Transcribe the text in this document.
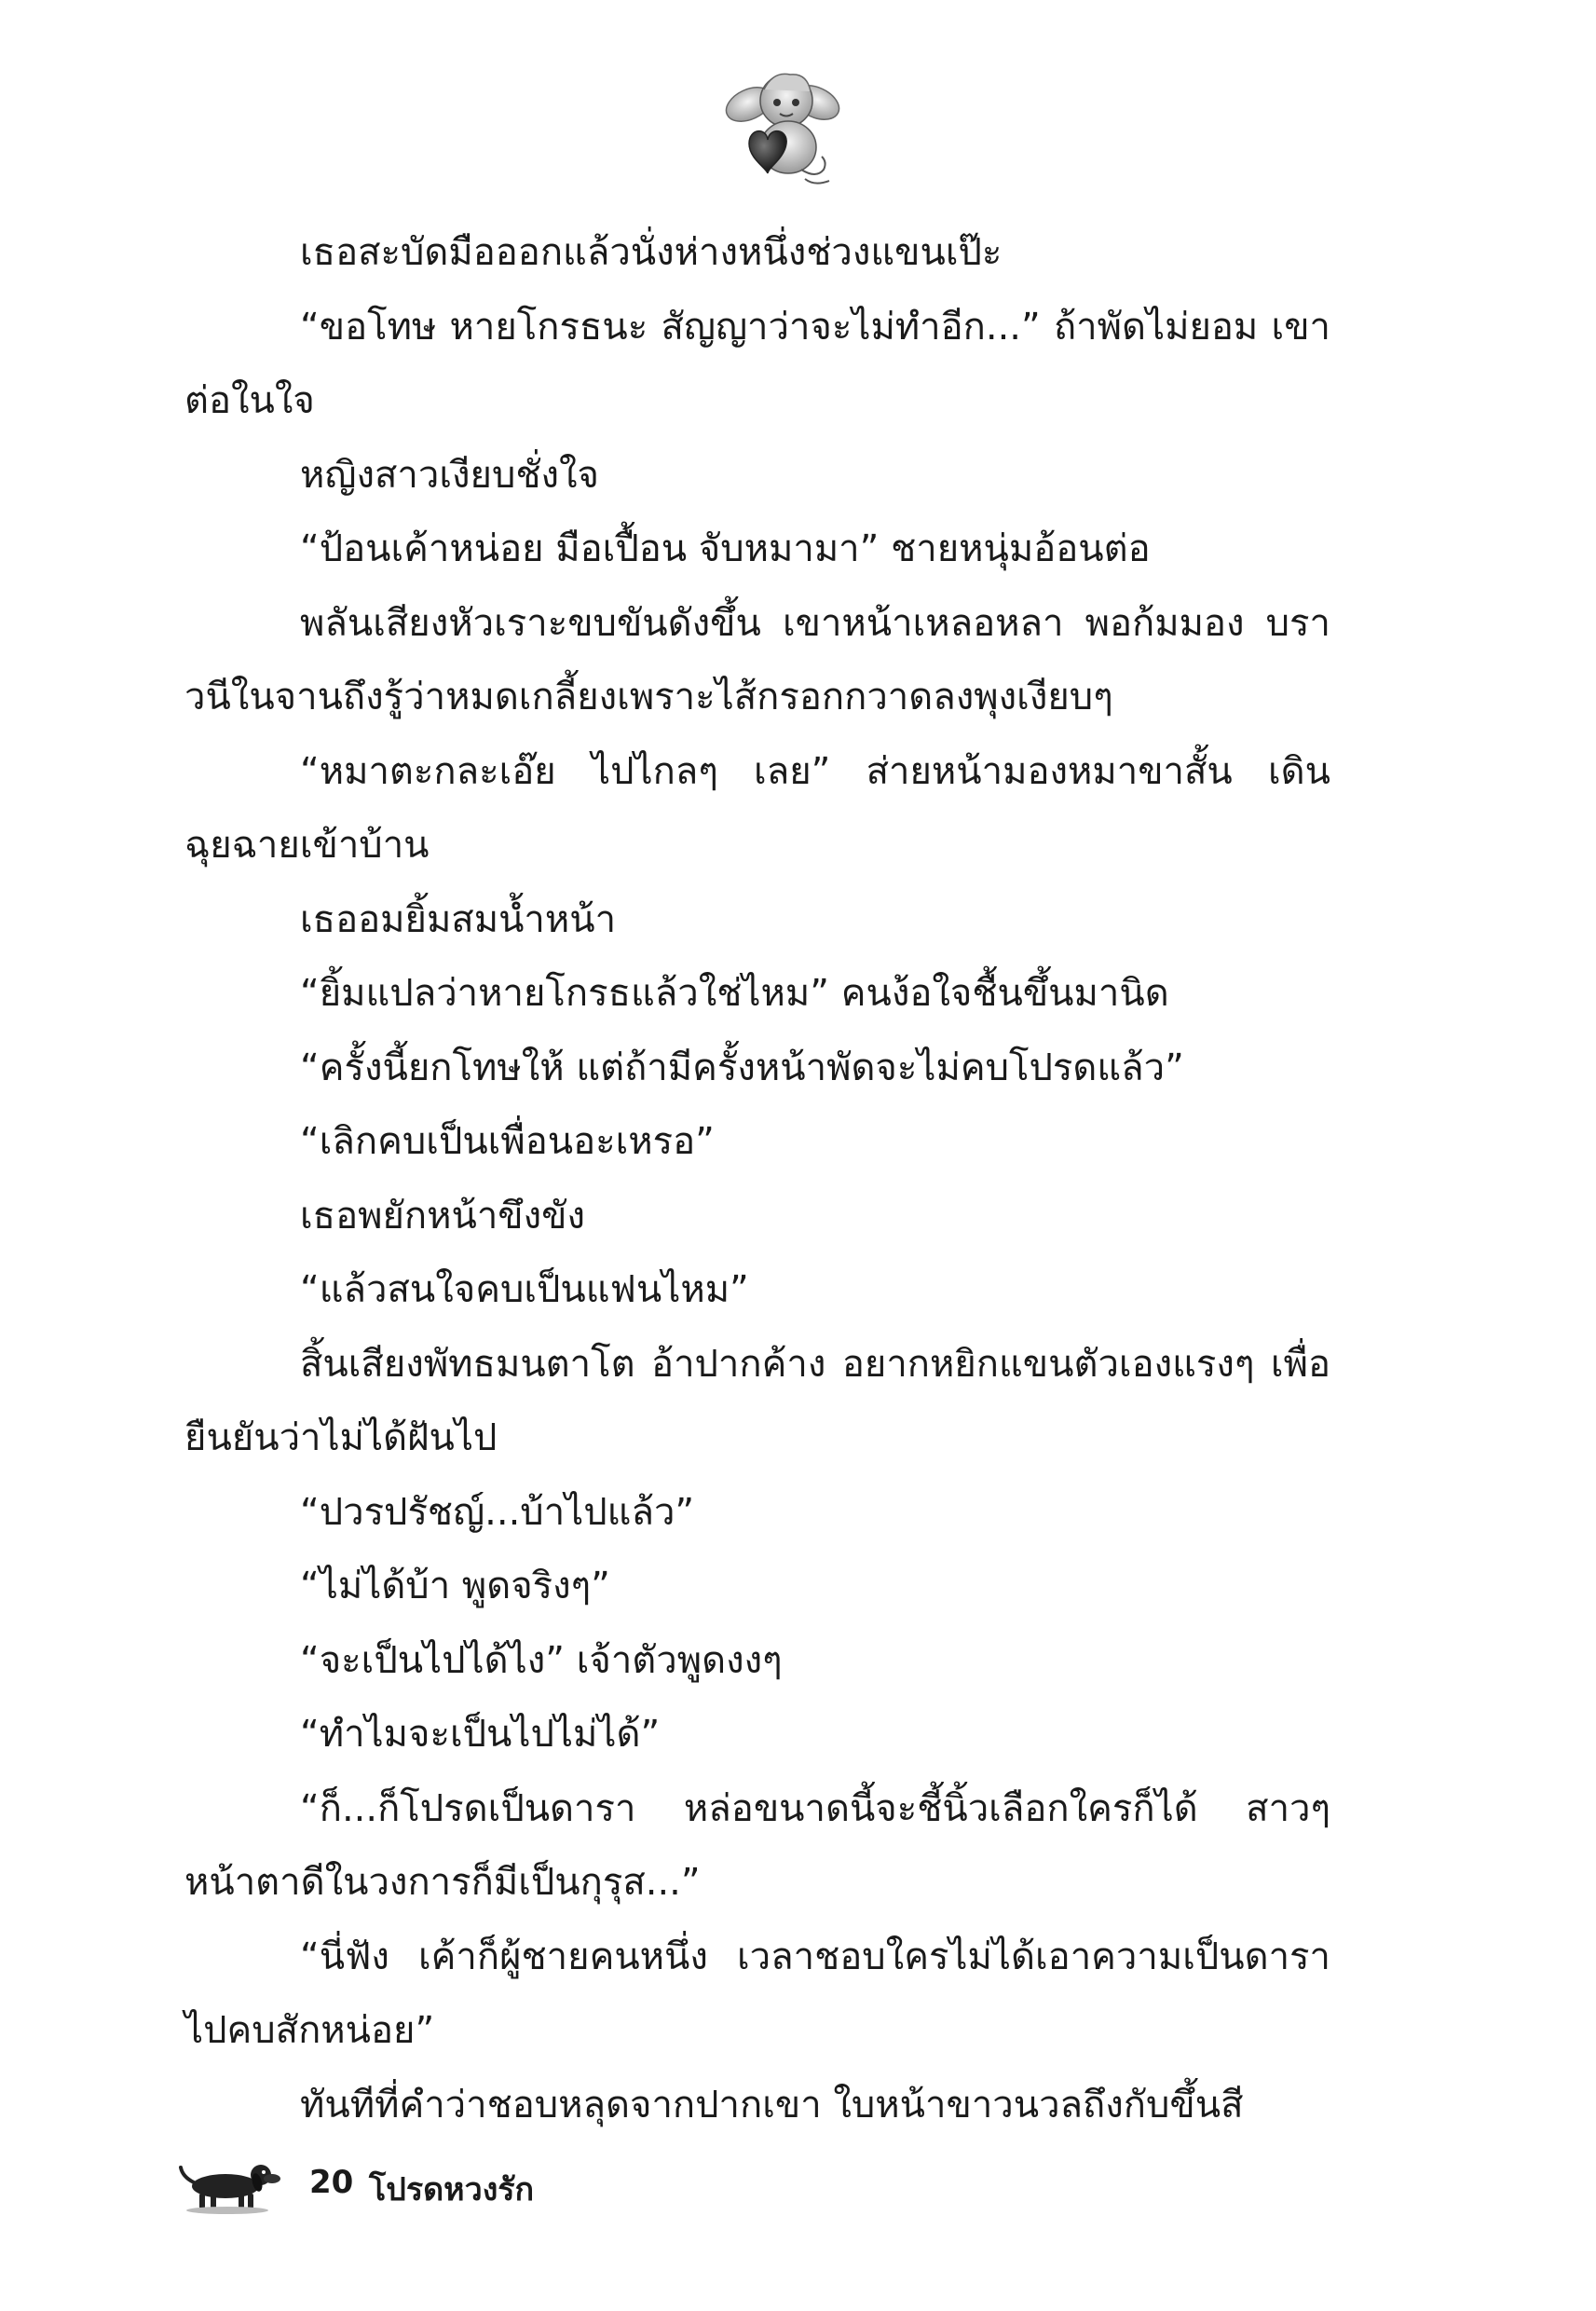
เธอสะบัดมือออกแล้วนั่งห่างหนึ่งช่วงแขนเป๊ะ

“ขอโทษ หายโกรธนะ สัญญาว่าจะไม่ทำอีก...” ถ้าพัดไม่ยอม เขาต่อในใจ

หญิงสาวเงียบชั่งใจ

“ป้อนเค้าหน่อย มือเปื้อน จับหมามา” ชายหนุ่มอ้อนต่อ

พลันเสียงหัวเราะขบขันดังขึ้น เขาหน้าเหลอหลา พอก้มมอง บราวนีในจานถึงรู้ว่าหมดเกลี้ยงเพราะไส้กรอกกวาดลงพุงเงียบๆ

“หมาตะกละเอ๊ย ไปไกลๆ เลย” ส่ายหน้ามองหมาขาสั้น เดินฉุยฉายเข้าบ้าน

เธออมยิ้มสมน้ำหน้า

“ยิ้มแปลว่าหายโกรธแล้วใช่ไหม” คนง้อใจชื้นขึ้นมานิด

“ครั้งนี้ยกโทษให้ แต่ถ้ามีครั้งหน้าพัดจะไม่คบโปรดแล้ว”

“เลิกคบเป็นเพื่อนอะเหรอ”

เธอพยักหน้าขึงขัง

“แล้วสนใจคบเป็นแฟนไหม”

สิ้นเสียงพัทธมนตาโต อ้าปากค้าง อยากหยิกแขนตัวเองแรงๆ เพื่อยืนยันว่าไม่ได้ฝันไป

“ปวรปรัชญ์...บ้าไปแล้ว”

“ไม่ได้บ้า พูดจริงๆ”

“จะเป็นไปได้ไง” เจ้าตัวพูดงงๆ

“ทำไมจะเป็นไปไม่ได้”

“ก็...ก็โปรดเป็นดารา หล่อขนาดนี้จะชี้นิ้วเลือกใครก็ได้ สาวๆ หน้าตาดีในวงการก็มีเป็นกุรุส...”

“นี่ฟัง เค้าก็ผู้ชายคนหนึ่ง เวลาชอบใครไม่ได้เอาความเป็นดารา ไปคบสักหน่อย”

ทันทีที่คำว่าชอบหลุดจากปากเขา ใบหน้าขาวนวลถึงกับขึ้นสี

20 โปรดหวงรัก
